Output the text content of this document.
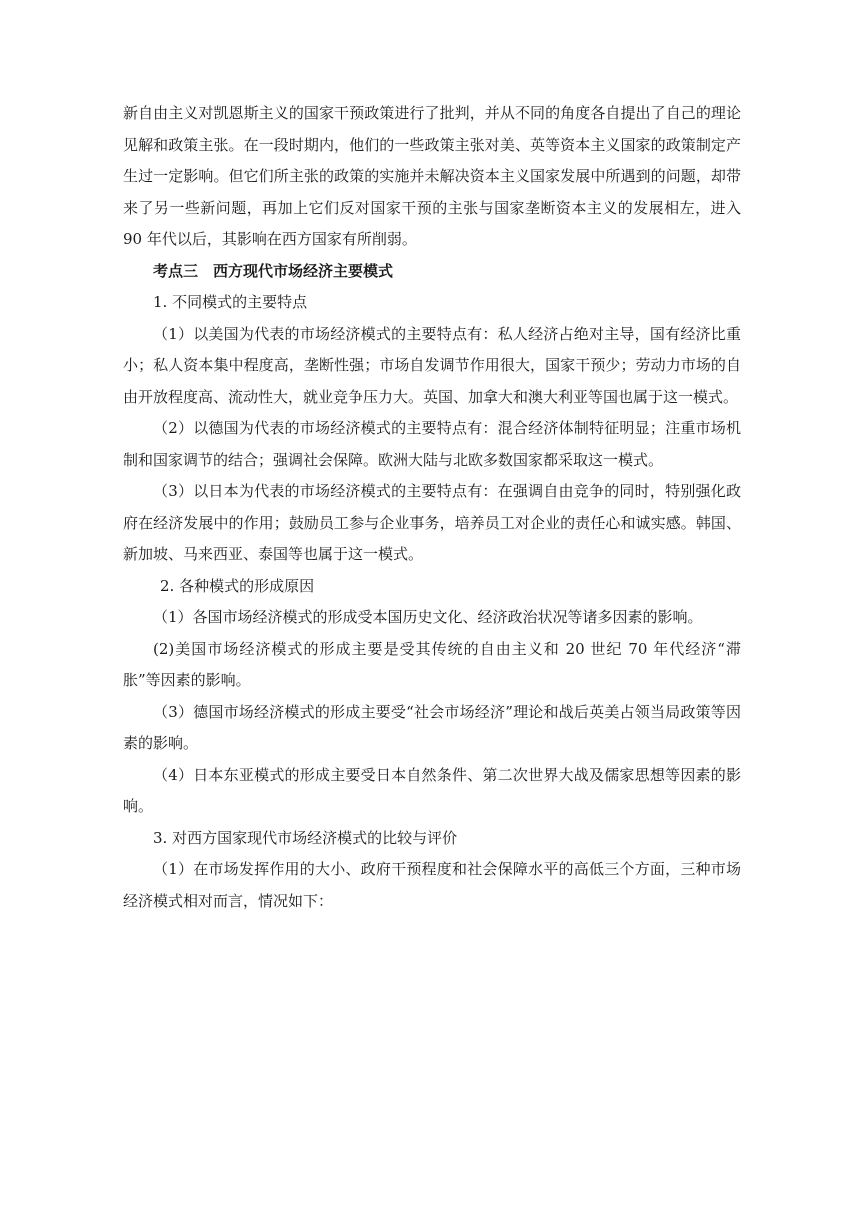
新自由主义对凯恩斯主义的国家干预政策进行了批判，并从不同的角度各自提出了自己的理论见解和政策主张。在一段时期内，他们的一些政策主张对美、英等资本主义国家的政策制定产生过一定影响。但它们所主张的政策的实施并未解决资本主义国家发展中所遇到的问题，却带来了另一些新问题，再加上它们反对国家干预的主张与国家垄断资本主义的发展相左，进入 90 年代以后，其影响在西方国家有所削弱。

考点三　西方现代市场经济主要模式

1. 不同模式的主要特点

（1）以美国为代表的市场经济模式的主要特点有：私人经济占绝对主导，国有经济比重小；私人资本集中程度高，垄断性强；市场自发调节作用很大，国家干预少；劳动力市场的自由开放程度高、流动性大，就业竞争压力大。英国、加拿大和澳大利亚等国也属于这一模式。

（2）以德国为代表的市场经济模式的主要特点有：混合经济体制特征明显；注重市场机制和国家调节的结合；强调社会保障。欧洲大陆与北欧多数国家都采取这一模式。

（3）以日本为代表的市场经济模式的主要特点有：在强调自由竞争的同时，特别强化政府在经济发展中的作用；鼓励员工参与企业事务，培养员工对企业的责任心和诚实感。韩国、新加坡、马来西亚、泰国等也属于这一模式。

2. 各种模式的形成原因

（1）各国市场经济模式的形成受本国历史文化、经济政治状况等诸多因素的影响。

(2)美国市场经济模式的形成主要是受其传统的自由主义和 20 世纪 70 年代经济“滞胀”等因素的影响。

（3）德国市场经济模式的形成主要受“社会市场经济”理论和战后英美占领当局政策等因素的影响。

（4）日本东亚模式的形成主要受日本自然条件、第二次世界大战及儒家思想等因素的影响。

3. 对西方国家现代市场经济模式的比较与评价

（1）在市场发挥作用的大小、政府干预程度和社会保障水平的高低三个方面，三种市场经济模式相对而言，情况如下：
